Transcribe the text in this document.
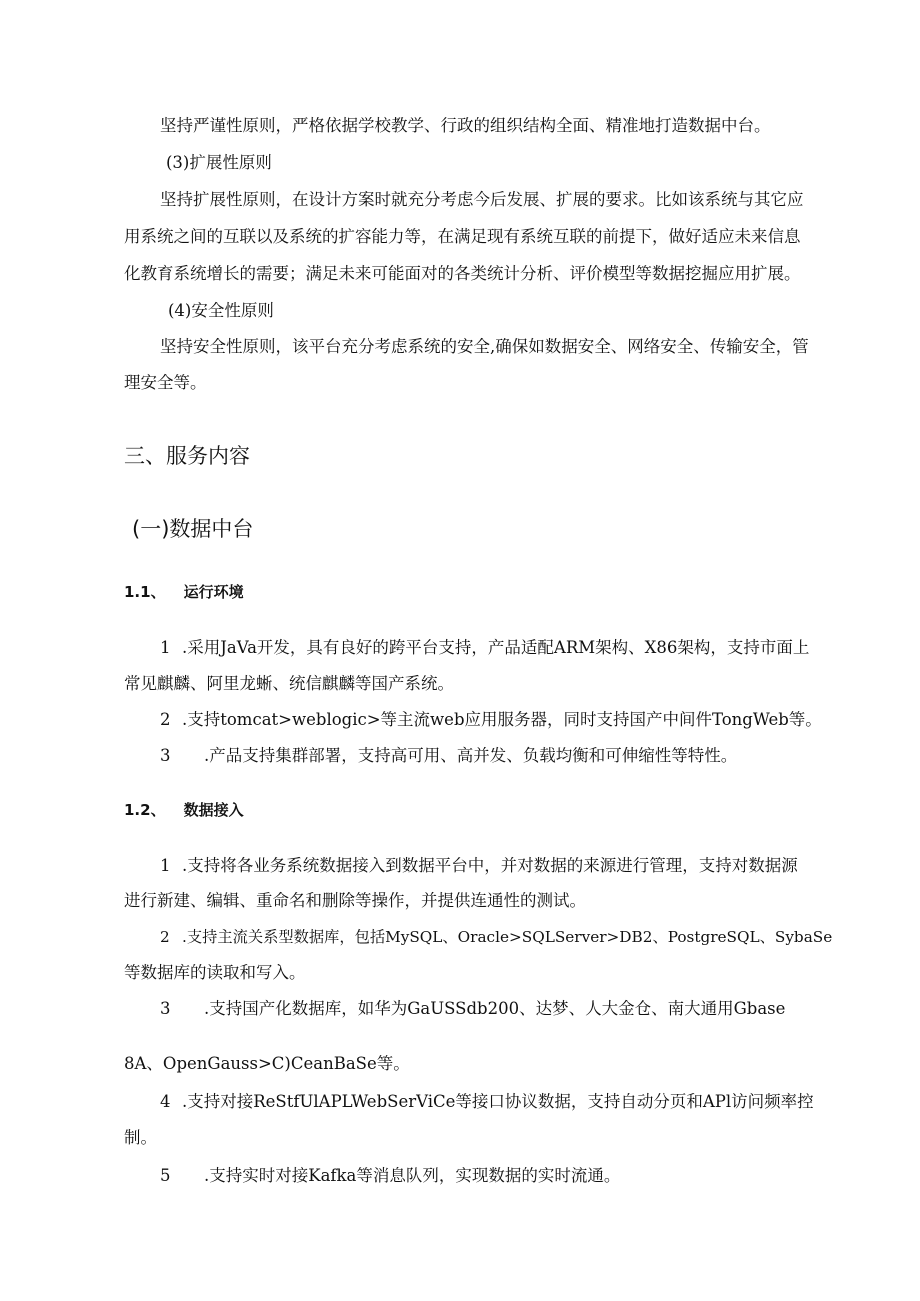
坚持严谨性原则，严格依据学校教学、行政的组织结构全面、精准地打造数据中台。
(3)扩展性原则
坚持扩展性原则，在设计方案时就充分考虑今后发展、扩展的要求。比如该系统与其它应
用系统之间的互联以及系统的扩容能力等，在满足现有系统互联的前提下，做好适应未来信息
化教育系统增长的需要；满足未来可能面对的各类统计分析、评价模型等数据挖掘应用扩展。
(4)安全性原则
坚持安全性原则，该平台充分考虑系统的安全,确保如数据安全、网络安全、传输安全，管
理安全等。
三、服务内容
(一)数据中台
1.1、 运行环境
1 .采用JaVa开发，具有良好的跨平台支持，产品适配ARM架构、X86架构，支持市面上
常见麒麟、阿里龙蜥、统信麒麟等国产系统。
2 .支持tomcat>weblogic>等主流web应用服务器，同时支持国产中间件TongWeb等。
3 .产品支持集群部署，支持高可用、高并发、负载均衡和可伸缩性等特性。
1.2、 数据接入
1 .支持将各业务系统数据接入到数据平台中，并对数据的来源进行管理，支持对数据源
进行新建、编辑、重命名和删除等操作，并提供连通性的测试。
2 .支持主流关系型数据库，包括MySQL、Oracle>SQLServer>DB2、PostgreSQL、SybaSe
等数据库的读取和写入。
3 .支持国产化数据库，如华为GaUSSdb200、达梦、人大金仓、南大通用Gbase
8A、OpenGauss>C)CeanBaSe等。
4 .支持对接ReStfUlAPLWebSerViCe等接口协议数据，支持自动分页和APl访问频率控
制。
5 .支持实时对接Kafka等消息队列，实现数据的实时流通。
